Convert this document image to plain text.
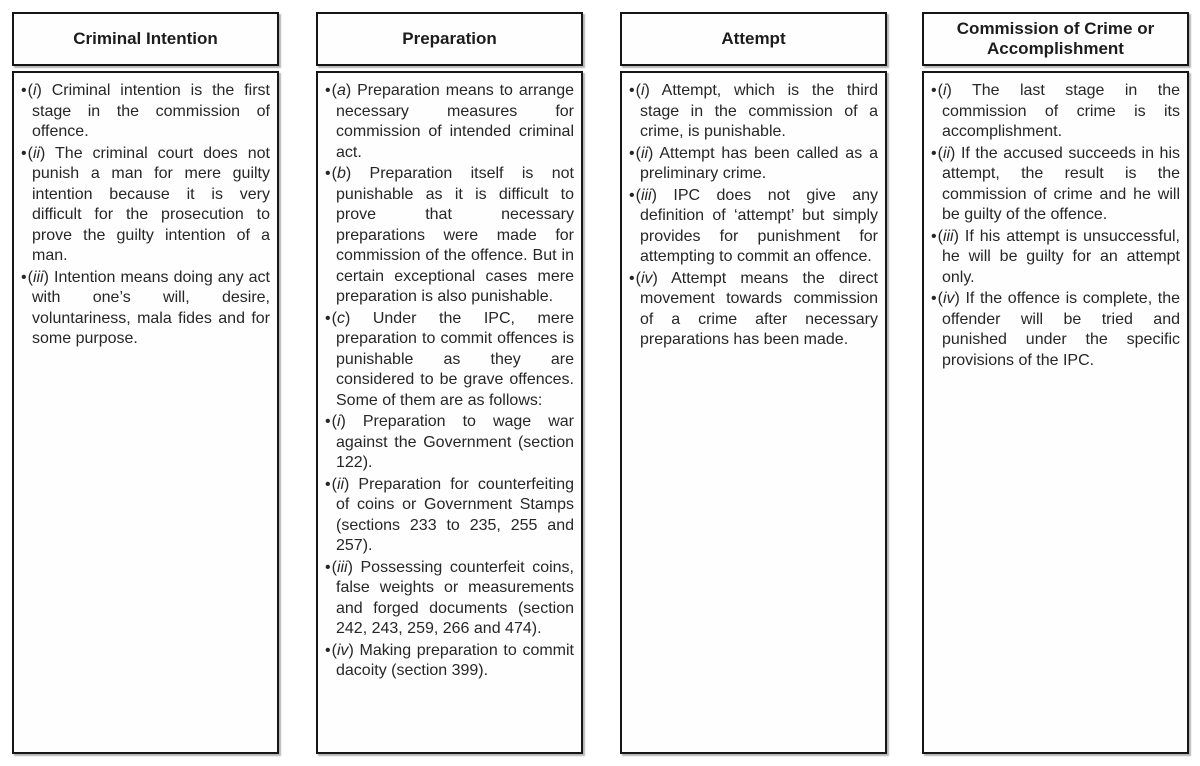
Criminal Intention

•(i) Criminal intention is the first stage in the commission of offence.

•(ii) The criminal court does not punish a man for mere guilty intention because it is very difficult for the prosecution to prove the guilty intention of a man.

•(iii) Intention means doing any act with one’s will, desire, voluntariness, mala fides and for some purpose.

Preparation

•(a) Preparation means to arrange necessary measures for commission of intended criminal act.

•(b) Preparation itself is not punishable as it is difficult to prove that necessary preparations were made for commission of the offence. But in certain exceptional cases mere preparation is also punishable.

•(c) Under the IPC, mere preparation to commit offences is punishable as they are considered to be grave offences. Some of them are as follows:

•(i) Preparation to wage war against the Government (section 122).

•(ii) Preparation for counterfeiting of coins or Government Stamps (sections 233 to 235, 255 and 257).

•(iii) Possessing counterfeit coins, false weights or measurements and forged documents (section 242, 243, 259, 266 and 474).

•(iv) Making preparation to commit dacoity (section 399).

Attempt

•(i) Attempt, which is the third stage in the commission of a crime, is punishable.

•(ii) Attempt has been called as a preliminary crime.

•(iii) IPC does not give any definition of ‘attempt’ but simply provides for punishment for attempting to commit an offence.

•(iv) Attempt means the direct movement towards commission of a crime after necessary preparations has been made.

Commission of Crime or Accomplishment

•(i) The last stage in the commission of crime is its accomplishment.

•(ii) If the accused succeeds in his attempt, the result is the commission of crime and he will be guilty of the offence.

•(iii) If his attempt is unsuccessful, he will be guilty for an attempt only.

•(iv) If the offence is complete, the offender will be tried and punished under the specific provisions of the IPC.
